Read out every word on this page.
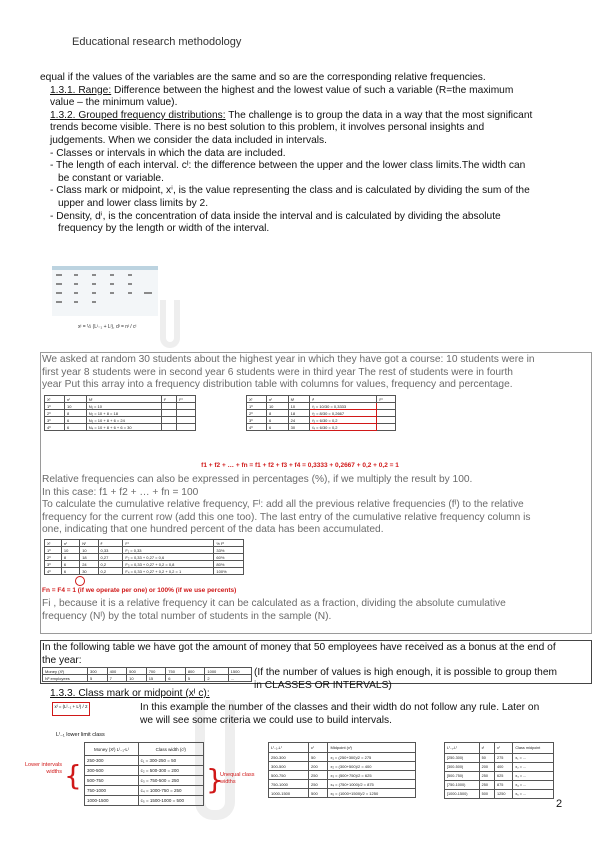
Educational research methodology
equal if the values of the variables are the same and so are the corresponding relative frequencies.
1.3.1. Range: Difference between the highest and the lowest value of such a variable (R=the maximum
value – the minimum value).
1.3.2. Grouped frequency distributions: The challenge is to group the data in a way that the most significant
trends become visible. There is no best solution to this problem, it involves personal insights and
judgements. When we consider the data included in intervals.
- Classes or intervals in which the data are included.
- The length of each interval. cᴵ: the difference between the upper and the lower class limits.The width can
be constant or variable.
- Class mark or midpoint, xⁱ, is the value representing the class and is calculated by dividing the sum of the
upper and lower class limits by 2.
- Density, dⁱ, is the concentration of data inside the interval and is calculated by dividing the absolute
frequency by the length or width of the interval.
xᴵ = ½ (Lᴵ₋₁ + Lᴵ), dᴵ = nᴵ / cᴵ
We asked at random 30 students about the highest year in which they have got a course: 10 students were in
first year 8 students were in second year 6 students were in third year The rest of students were in fourth
year Put this array into a frequency distribution table with columns for values, frequency and percentage.
Xᴵ	nᴵ	Nᴵ	fᴵ	Fᴵ
1º	10	N₁ = 10		
2º	8	N₂ = 10 + 8 = 18		
3º	6	N₃ = 10 + 8 + 6 = 24		
4º	6	N₄ = 10 + 8 + 6 + 6 = 30		
Xᴵ	nᴵ	Nᴵ	fᴵ	Fᴵ
1º	10	10	f₁ = 10/30 = 0,3333	
2º	8	18	f₂ = 8/30 = 0,2667	
3º	6	24	f₃ = 6/30 = 0,2	
4º	6	30	f₄ = 6/30 = 0,2	
f1 + f2 + … + fn = f1 + f2 + f3 + f4 = 0,3333 + 0,2667 + 0,2 + 0,2 = 1
Relative frequencies can also be expressed in percentages (%), if we multiply the result by 100.
In this case: f1 + f2 + … + fn = 100
To calculate the cumulative relative frequency, Fᴵ: add all the previous relative frequencies (fᴵ) to the relative
frequency for the current row (add this one too). The last entry of the cumulative relative frequency column is
one, indicating that one hundred percent of the data has been accumulated.
Xᴵ	nᴵ	Nᴵ	fᴵ	Fᴵ	% Fᴵ
1º	10	10	0,33	F₁ = 0,33	33%
2º	8	18	0,27	F₂ = 0,33 + 0,27 = 0,6	60%
3º	6	24	0,2	F₃ = 0,33 + 0,27 + 0,2 = 0,8	80%
4º	6	30	0,2	F₄ = 0,33 + 0,27 + 0,2 + 0,2 = 1	100%
Fn = F4 = 1 (if we operate per one) or 100% (if we use percents)
Fi , because it is a relative frequency it can be calculated as a fraction, dividing the absolute cumulative
frequency (Nᴵ) by the total number of students in the sample (N).
In the following table we have got the amount of money that 50 employees have received as a bonus at the end of
the year:
Money (Xᴵ)	300	400	500	700	750	800	1000	1500
Nº employees	5	7	10	15	6	5	2	... (If the number of values is high enough, it is possible to group them
in CLASSES OR INTERVALS)
1.3.3. Class mark or midpoint (xᴵ c):
xᴵ = (Lᴵ₋₁ + Lᴵ) / 2	In this example the number of the classes and their width do not follow any rule. Later on
we will see some criteria we could use to build intervals.
Lᴵ₋₁ lower limit class
Lower intervals widths {
Money (Xᴵ) Lᴵ₋₁-Lᴵ	Class width (cᴵ)
250-300	c₁ = 300-250 = 50
300-500	c₂ = 500-300 = 200
500-750	c₃ = 750-500 = 250
750-1000	c₄ = 1000-750 = 250
1000-1500	c₅ = 1500-1000 = 500
}
Unequal class widths
Lᴵ₋₁-Lᴵ	cᴵ	Midpoint (xᴵ)
250-300	50	x₁ = (250+300)/2 = 275
300-500	200	x₂ = (300+500)/2 = 400
500-750	250	x₃ = (500+750)/2 = 625
750-1000	250	x₄ = (750+1000)/2 = 875
1000-1500	500	x₅ = (1000+1500)/2 = 1250
Lᴵ₋₁-Lᴵ	cᴵ	xᴵ	Class midpoint
[250-300)	50	275	x₁ = ...
[300-500)	200	400	x₂ = ...
[500-750)	250	625	x₃ = ...
[750-1000)	250	875	x₄ = ...
[1000-1500)	500	1250	x₅ = ...
2
